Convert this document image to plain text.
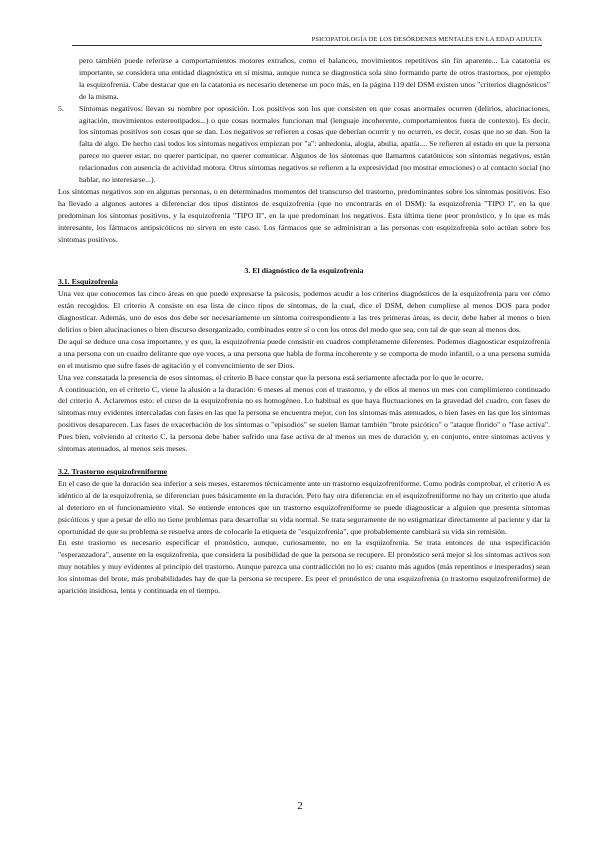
PSICOPATOLOGÍA DE LOS DESÓRDENES MENTALES EN LA EDAD ADULTA

pero también puede referirse a comportamientos motores extraños, como el balanceo, movimientos repetitivos sin fin aparente... La catatonia es importante, se considera una entidad diagnóstica en sí misma, aunque nunca se diagnostica sola sino formando parte de otros trastornos, por ejemplo la esquizofrenia. Cabe destacar que en la catatonia es necesario detenerse un poco más, en la página 119 del DSM existen unos "criterios diagnósticos" de la misma.

5.	Síntomas negativos: llevan su nombre por oposición. Los positivos son los que consisten en que cosas anormales ocurren (delirios, alucinaciones, agitación, movimientos estereotipados...) o que cosas normales funcionan mal (lenguaje incoherente, comportamientos fuera de contexto). Es decir, los síntomas positivos son cosas que se dan. Los negativos se refieren a cosas que deberían ocurrir y no ocurren, es decir, cosas que no se dan. Son la falta de algo. De hecho casi todos los síntomas negativos empiezan por "a": anhedonia, alogia, abulia, apatía.... Se refieren al estado en que la persona parece no querer estar, no querer participar, no querer comunicar. Algunos de los síntomas que llamamos catatónicos son síntomas negativos, están relacionados con ausencia de actividad motora. Otros síntomas negativos se refieren a la expresividad (no mostrar emociones) o al contacto social (no hablar, no interesarse...).

Los síntomas negativos son en algunas personas, o en determinados momentos del transcurso del trastorno, predominantes sobre los síntomas positivos. Eso ha llevado a algunos autores a diferenciar dos tipos distintos de esquizofrenia (que no encontrarás en el DSM): la esquizofrenia "TIPO I", en la que predominan los síntomas positivos, y la esquizofrenia "TIPO II", en la que predominan los negativos. Esta última tiene peor pronóstico, y lo que es más interesante, los fármacos antipsicóticos no sirven en este caso. Los fármacos que se administran a las personas con esquizofrenia solo actúan sobre los síntomas positivos.

3. El diagnóstico de la esquizofrenia

3.1. Esquizofrenia

Una vez que conocemos las cinco áreas en que puede expresarse la psicosis, podemos acudir a los criterios diagnósticos de la esquizofrenia para ver cómo están recogidos. El criterio A consiste en esa lista de cinco tipos de síntomas, de la cual, dice el DSM, deben cumplirse al menos DOS para poder diagnosticar. Además, uno de esos dos debe ser necesariamente un síntoma correspondiente a las tres primeras áreas, es decir, debe haber al menos o bien delirios o bien alucinaciones o bien discurso desorganizado, combinados entre sí o con los otros del modo que sea, con tal de que sean al menos dos.

De aquí se deduce una cosa importante, y es que, la esquizofrenia puede consistir en cuadros completamente diferentes. Podemos diagnosticar esquizofrenia a una persona con un cuadro delirante que oye voces, a una persona que habla de forma incoherente y se comporta de modo infantil, o a una persona sumida en el mutismo que sufre fases de agitación y el convencimiento de ser Dios.

Una vez constatada la presencia de esos síntomas, el criterio B hace constar que la persona está seriamente afectada por lo que le ocurre.

A continuación, en el criterio C, viene la alusión a la duración: 6 meses al menos con el trastorno, y de ellos al menos un mes con cumplimiento continuado del criterio A. Aclaremos esto: el curso de la esquizofrenia no es homogéneo. Lo habitual es que haya fluctuaciones en la gravedad del cuadro, con fases de síntomas muy evidentes intercaladas con fases en las que la persona se encuentra mejor, con los síntomas más atenuados, o bien fases en las que los síntomas positivos desaparecen. Las fases de exacerbación de los síntomas o "episodios" se suelen llamar también "brote psicótico" o "ataque florido" o "fase activa". Pues bien, volviendo al criterio C, la persona debe haber sufrido una fase activa de al menos un mes de duración y, en conjunto, entre síntomas activos y síntomas atenuados, al menos seis meses.

3.2. Trastorno esquizofreniforme

En el caso de que la duración sea inferior a seis meses, estaremos técnicamente ante un trastorno esquizofreniforme. Como podrás comprobar, el criterio A es idéntico al de la esquizofrenia, se diferencian pues básicamente en la duración. Pero hay otra diferencia: en el esquizofreniforme no hay un criterio que aluda al deterioro en el funcionamiento vital. Se entiende entonces que un trastorno esquizofreniforme se puede diagnosticar a alguien que presenta síntomas psicóticos y que a pesar de ello no tiene problemas para desarrollar su vida normal. Se trata seguramente de no estigmatizar directamente al paciente y dar la oportunidad de que su problema se resuelva antes de colocarle la etiqueta de "esquizofrenia", que probablemente cambiará su vida sin remisión.

En este trastorno es necesario especificar el pronóstico, aunque, curiosamente, no en la esquizofrenia. Se trata entonces de una especificación "esperanzadora", ausente en la esquizofrenia, que considera la posibilidad de que la persona se recupere. El pronóstico será mejor si los síntomas activos son muy notables y muy evidentes al principio del trastorno. Aunque parezca una contradicción no lo es: cuanto más agudos (más repentinos e inesperados) sean los síntomas del brote, más probabilidades hay de que la persona se recupere. Es peor el pronóstico de una esquizofrenia (o trastorno esquizofreniforme) de aparición insidiosa, lenta y continuada en el tiempo.

2
